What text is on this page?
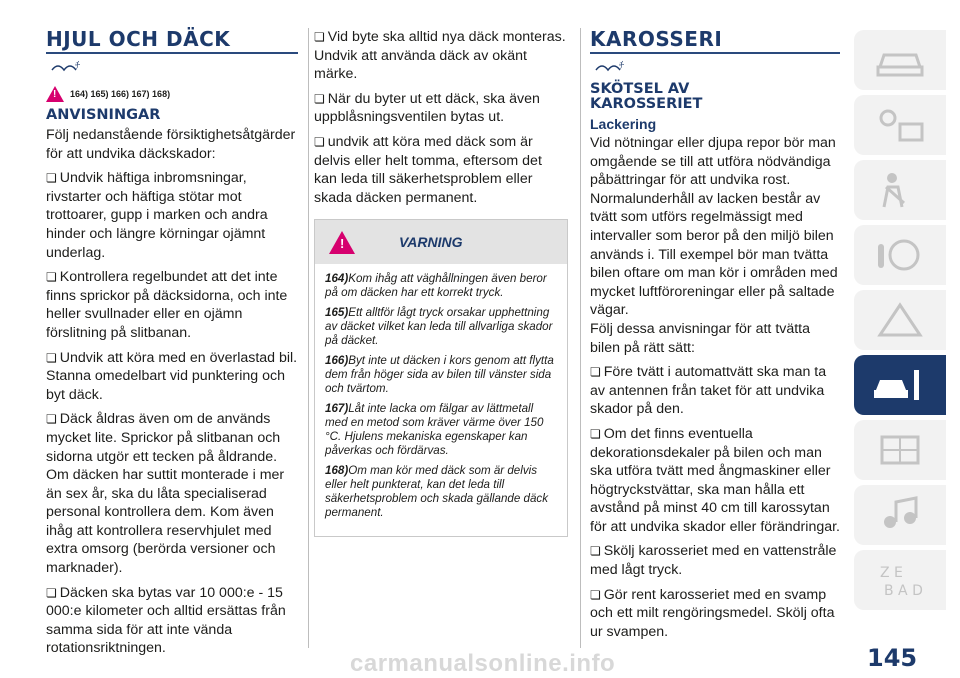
HJUL OCH DÄCK
ﾁ
! 164) 165) 166) 167) 168)
ANVISNINGAR

Följ nedanstående försiktighetsåtgärder för att undvika däckskador:

❏ Undvik häftiga inbromsningar, rivstarter och häftiga stötar mot trottoarer, gupp i marken och andra hinder och längre körningar ojämnt underlag.

❏ Kontrollera regelbundet att det inte finns sprickor på däcksidorna, och inte heller svullnader eller en ojämn förslitning på slitbanan.

❏ Undvik att köra med en överlastad bil. Stanna omedelbart vid punktering och byt däck.

❏ Däck åldras även om de används mycket lite. Sprickor på slitbanan och sidorna utgör ett tecken på åldrande. Om däcken har suttit monterade i mer än sex år, ska du låta specialiserad personal kontrollera dem. Kom även ihåg att kontrollera reservhjulet med extra omsorg (berörda versioner och marknader).

❏ Däcken ska bytas var 10 000:e - 15 000:e kilometer och alltid ersättas från samma sida för att inte vända rotationsriktningen.

❏ Vid byte ska alltid nya däck monteras. Undvik att använda däck av okänt märke.

❏ När du byter ut ett däck, ska även uppblåsningsventilen bytas ut.

❏ undvik att köra med däck som är delvis eller helt tomma, eftersom det kan leda till säkerhetsproblem eller skada däcken permanent.

!	VARNING

164)Kom ihåg att väghållningen även beror på om däcken har ett korrekt tryck.

165)Ett alltför lågt tryck orsakar upphettning av däcket vilket kan leda till allvarliga skador på däcket.

166)Byt inte ut däcken i kors genom att flytta dem från höger sida av bilen till vänster sida och tvärtom.

167)Låt inte lacka om fälgar av lättmetall med en metod som kräver värme över 150 °C. Hjulens mekaniska egenskaper kan påverkas och fördärvas.

168)Om man kör med däck som är delvis eller helt punkterat, kan det leda till säkerhetsproblem och skada gällande däck permanent.

KAROSSERI
ﾁ
SKÖTSEL AV KAROSSERIET
Lackering

Vid nötningar eller djupa repor bör man omgående se till att utföra nödvändiga påbättringar för att undvika rost. Normalunderhåll av lacken består av tvätt som utförs regelmässigt med intervaller som beror på den miljö bilen används i. Till exempel bör man tvätta bilen oftare om man kör i områden med mycket luftföroreningar eller på saltade vägar.

Följ dessa anvisningar för att tvätta bilen på rätt sätt:

❏ Före tvätt i automattvätt ska man ta av antennen från taket för att undvika skador på den.

❏ Om det finns eventuella dekorationsdekaler på bilen och man ska utföra tvätt med ångmaskiner eller högtryckstvättar, ska man hålla ett avstånd på minst 40 cm till karossytan för att undvika skador eller förändringar.

❏ Skölj karosseriet med en vattenstråle med lågt tryck.

❏ Gör rent karosseriet med en svamp och ett milt rengöringsmedel. Skölj ofta ur svampen.

Z E
B A D
145
carmanualsonline.info
